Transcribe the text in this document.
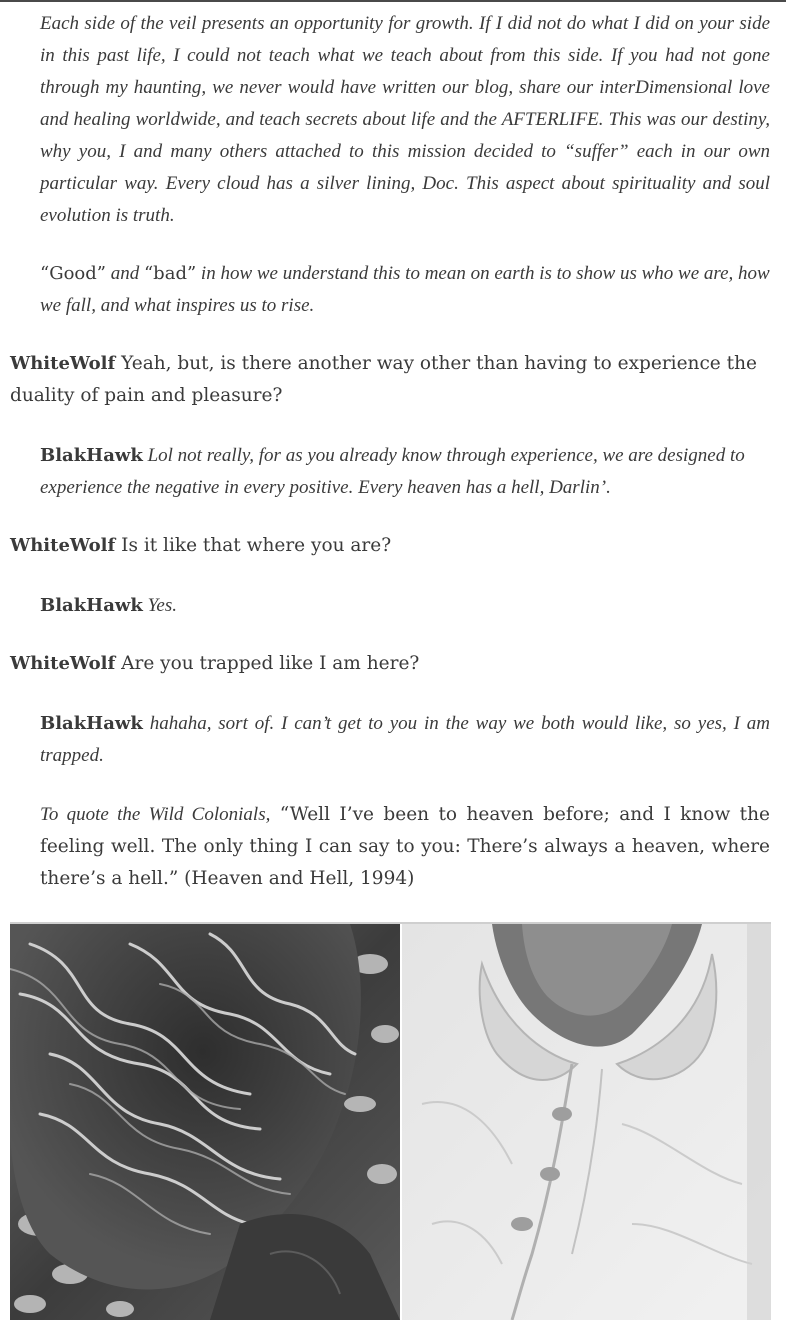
Each side of the veil presents an opportunity for growth. If I did not do what I did on your side in this past life, I could not teach what we teach about from this side. If you had not gone through my haunting, we never would have written our blog, share our interDimensional love and healing worldwide, and teach secrets about life and the AFTERLIFE. This was our destiny, why you, I and many others attached to this mission decided to “suffer” each in our own particular way. Every cloud has a silver lining, Doc. This aspect about spirituality and soul evolution is truth.

“Good” and “bad” in how we understand this to mean on earth is to show us who we are, how we fall, and what inspires us to rise.

WhiteWolf Yeah, but, is there another way other than having to experience the duality of pain and pleasure?

BlakHawk Lol not really, for as you already know through experience, we are designed to experience the negative in every positive. Every heaven has a hell, Darlin’.

WhiteWolf Is it like that where you are?

BlakHawk Yes.

WhiteWolf Are you trapped like I am here?

BlakHawk hahaha, sort of. I can’t get to you in the way we both would like, so yes, I am trapped.

To quote the Wild Colonials, “Well I’ve been to heaven before; and I know the feeling well. The only thing I can say to you: There’s always a heaven, where there’s a hell.” (Heaven and Hell, 1994)
